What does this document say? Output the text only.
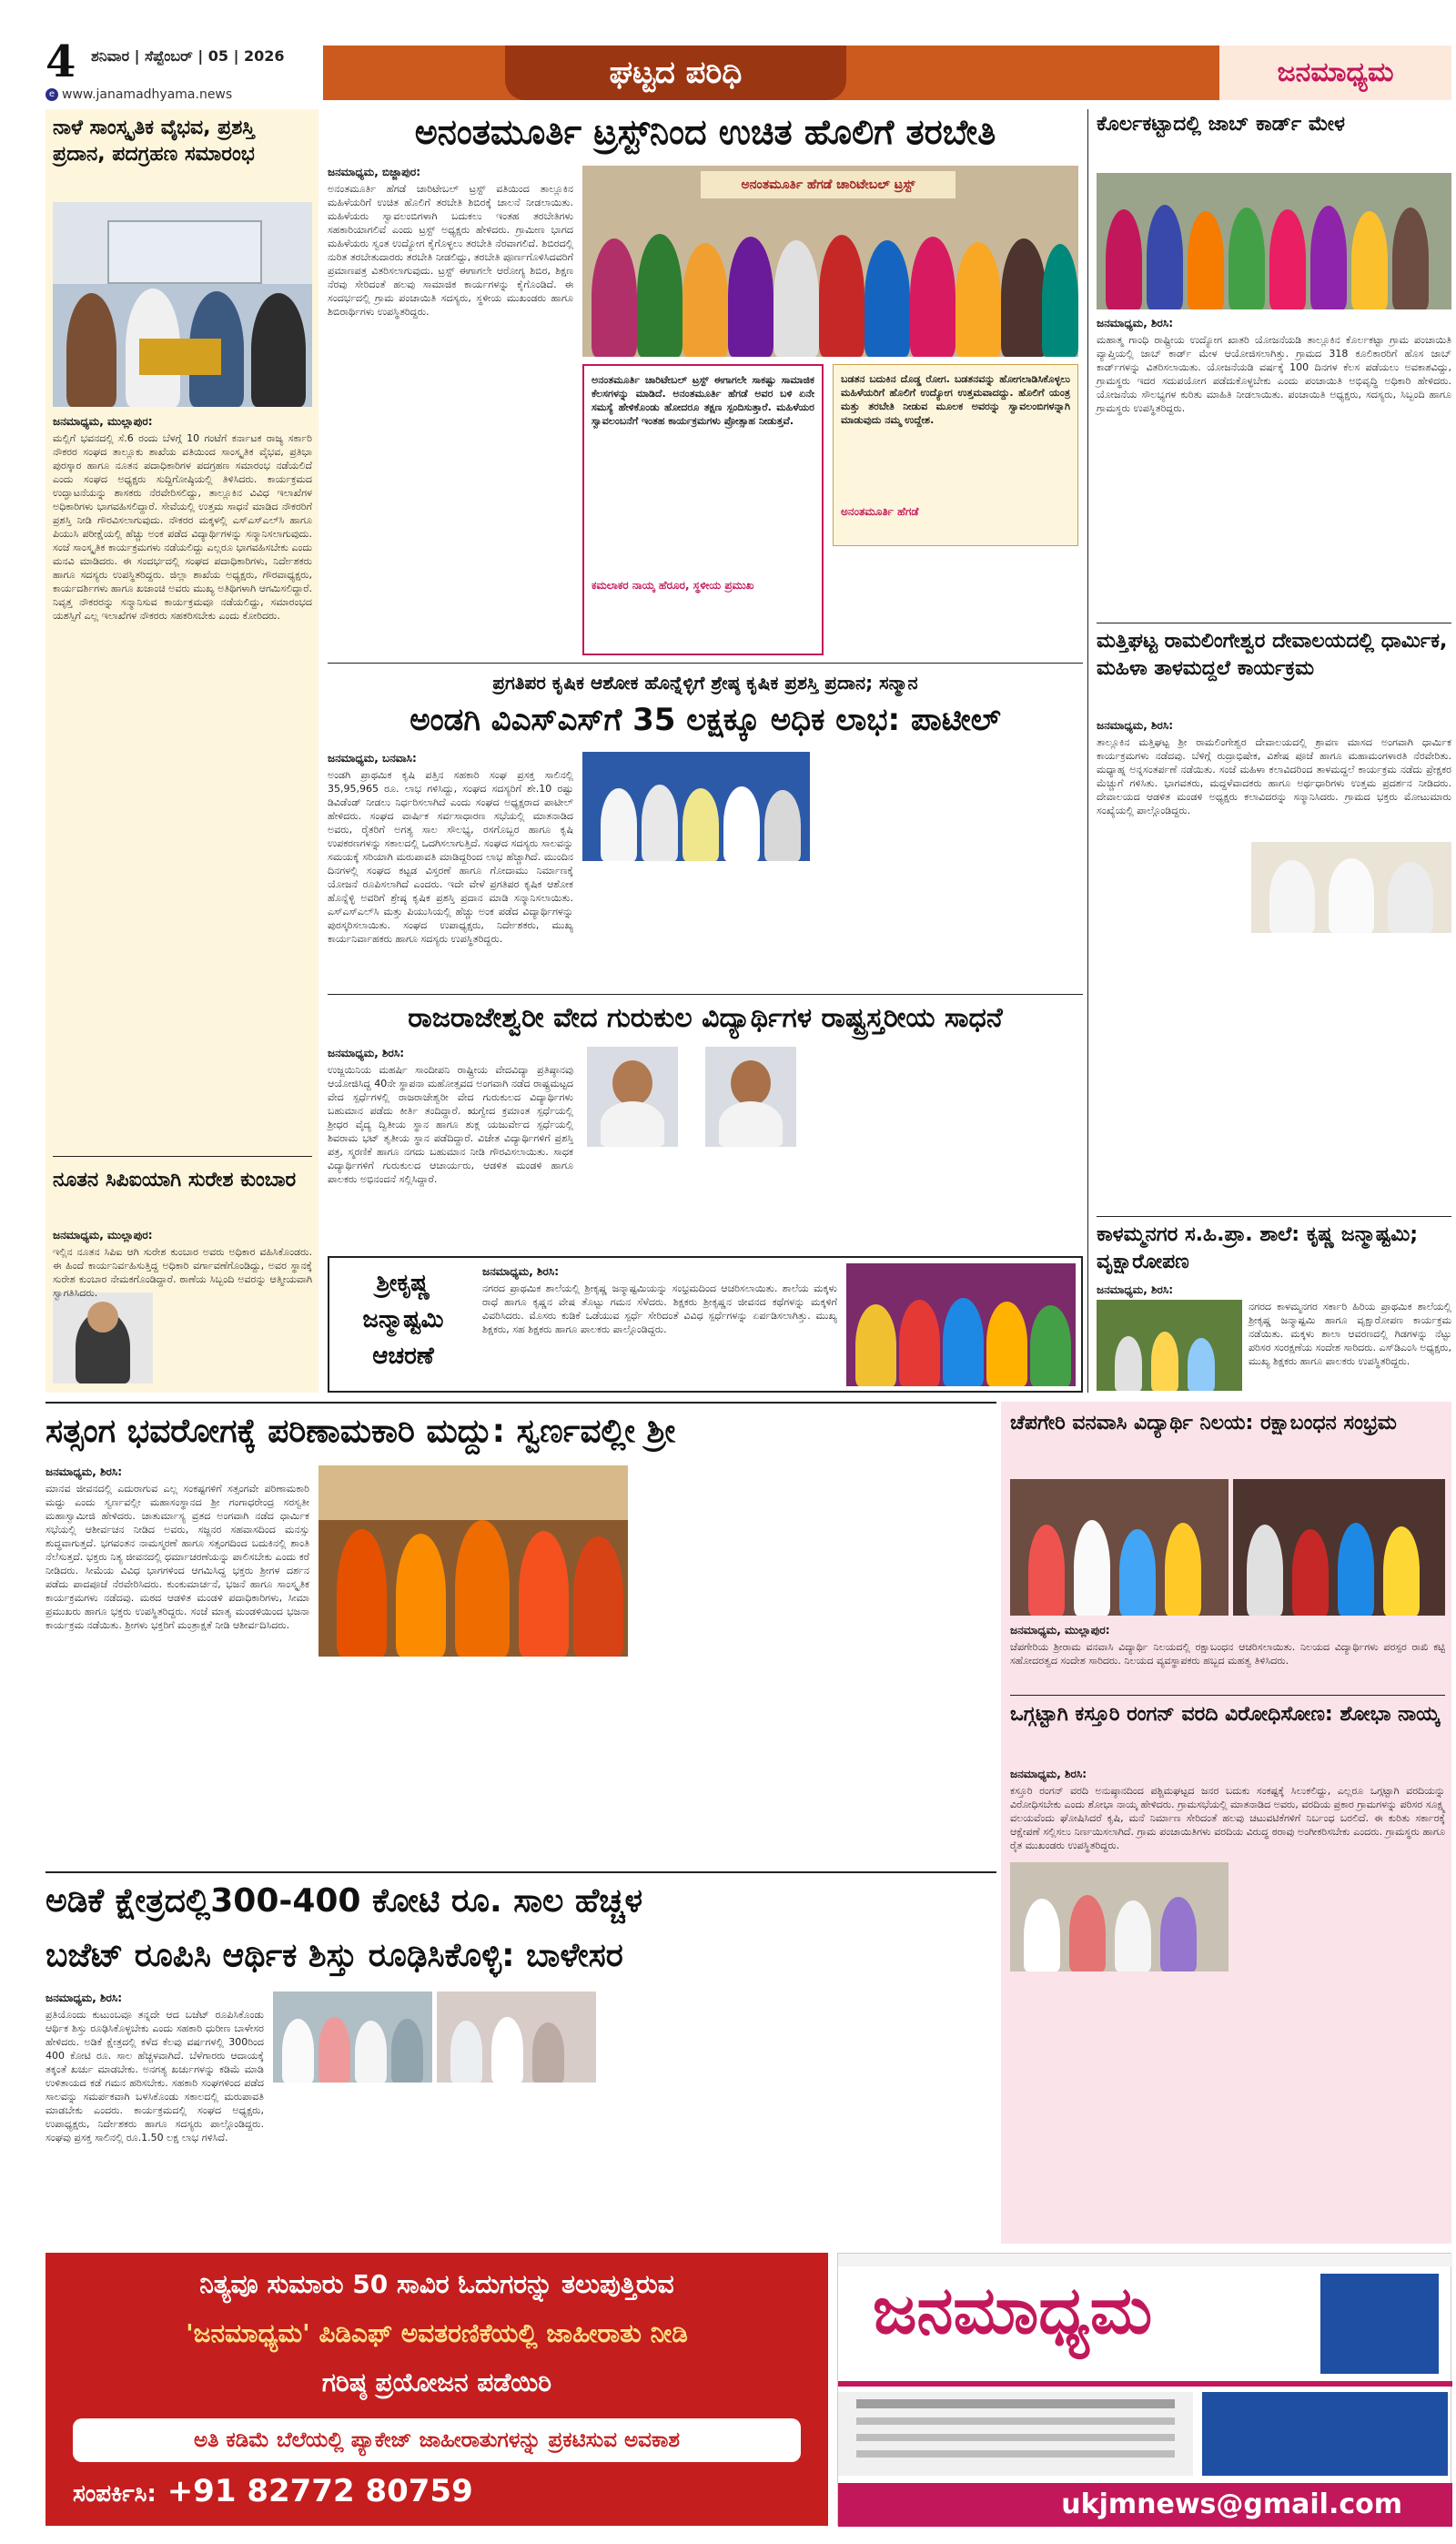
4 ಶನಿವಾರ | ಸೆಪ್ಟೆಂಬರ್ | 05 | 2026	ಘಟ್ಟದ ಪರಿಧಿ	ಜನಮಾಧ್ಯಮ
e www.janamadhyama.news
ನಾಳೆ ಸಾಂಸ್ಕೃತಿಕ ವೈಭವ, ಪ್ರಶಸ್ತಿ ಪ್ರದಾನ, ಪದಗ್ರಹಣ ಸಮಾರಂಭ
ಜನಮಾಧ್ಯಮ, ಮುಲ್ಲಾಪುರ:
ಮಲ್ಲಿಗೆ ಭವನದಲ್ಲಿ ಸೆ.6 ರಂದು ಬೆಳಗ್ಗೆ 10 ಗಂಟೆಗೆ ಕರ್ನಾಟಕ ರಾಜ್ಯ ಸರ್ಕಾರಿ ನೌಕರರ ಸಂಘದ ತಾಲ್ಲೂಕು ಶಾಖೆಯ ವತಿಯಿಂದ ಸಾಂಸ್ಕೃತಿಕ ವೈಭವ, ಪ್ರತಿಭಾ ಪುರಸ್ಕಾರ ಹಾಗೂ ನೂತನ ಪದಾಧಿಕಾರಿಗಳ ಪದಗ್ರಹಣ ಸಮಾರಂಭ ನಡೆಯಲಿದೆ ಎಂದು ಸಂಘದ ಅಧ್ಯಕ್ಷರು ಸುದ್ದಿಗೋಷ್ಠಿಯಲ್ಲಿ ತಿಳಿಸಿದರು. ಕಾರ್ಯಕ್ರಮದ ಉದ್ಘಾಟನೆಯನ್ನು ಶಾಸಕರು ನೆರವೇರಿಸಲಿದ್ದು, ತಾಲ್ಲೂಕಿನ ವಿವಿಧ ಇಲಾಖೆಗಳ ಅಧಿಕಾರಿಗಳು ಭಾಗವಹಿಸಲಿದ್ದಾರೆ. ಸೇವೆಯಲ್ಲಿ ಉತ್ತಮ ಸಾಧನೆ ಮಾಡಿದ ನೌಕರರಿಗೆ ಪ್ರಶಸ್ತಿ ನೀಡಿ ಗೌರವಿಸಲಾಗುವುದು. ನೌಕರರ ಮಕ್ಕಳಲ್ಲಿ ಎಸ್ಎಸ್ಎಲ್‌ಸಿ ಹಾಗೂ ಪಿಯುಸಿ ಪರೀಕ್ಷೆಯಲ್ಲಿ ಹೆಚ್ಚು ಅಂಕ ಪಡೆದ ವಿದ್ಯಾರ್ಥಿಗಳನ್ನು ಸನ್ಮಾನಿಸಲಾಗುವುದು. ಸಂಜೆ ಸಾಂಸ್ಕೃತಿಕ ಕಾರ್ಯಕ್ರಮಗಳು ನಡೆಯಲಿದ್ದು ಎಲ್ಲರೂ ಭಾಗವಹಿಸಬೇಕು ಎಂದು ಮನವಿ ಮಾಡಿದರು. ಈ ಸಂದರ್ಭದಲ್ಲಿ ಸಂಘದ ಪದಾಧಿಕಾರಿಗಳು, ನಿರ್ದೇಶಕರು ಹಾಗೂ ಸದಸ್ಯರು ಉಪಸ್ಥಿತರಿದ್ದರು. ಜಿಲ್ಲಾ ಶಾಖೆಯ ಅಧ್ಯಕ್ಷರು, ಗೌರವಾಧ್ಯಕ್ಷರು, ಕಾರ್ಯದರ್ಶಿಗಳು ಹಾಗೂ ಖಜಾಂಚಿ ಅವರು ಮುಖ್ಯ ಅತಿಥಿಗಳಾಗಿ ಆಗಮಿಸಲಿದ್ದಾರೆ. ನಿವೃತ್ತ ನೌಕರರನ್ನು ಸನ್ಮಾನಿಸುವ ಕಾರ್ಯಕ್ರಮವೂ ನಡೆಯಲಿದ್ದು, ಸಮಾರಂಭದ ಯಶಸ್ಸಿಗೆ ಎಲ್ಲ ಇಲಾಖೆಗಳ ನೌಕರರು ಸಹಕರಿಸಬೇಕು ಎಂದು ಕೋರಿದರು.
ನೂತನ ಸಿಪಿಐಯಾಗಿ ಸುರೇಶ ಕುಂಬಾರ
ಜನಮಾಧ್ಯಮ, ಮುಲ್ಲಾಪುರ:
ಇಲ್ಲಿನ ನೂತನ ಸಿಪಿಐ ಆಗಿ ಸುರೇಶ ಕುಂಬಾರ ಅವರು ಅಧಿಕಾರ ವಹಿಸಿಕೊಂಡರು. ಈ ಹಿಂದೆ ಕಾರ್ಯನಿರ್ವಹಿಸುತ್ತಿದ್ದ ಅಧಿಕಾರಿ ವರ್ಗಾವಣೆಗೊಂಡಿದ್ದು, ಅವರ ಸ್ಥಾನಕ್ಕೆ ಸುರೇಶ ಕುಂಬಾರ ನೇಮಕಗೊಂಡಿದ್ದಾರೆ. ಠಾಣೆಯ ಸಿಬ್ಬಂದಿ ಅವರನ್ನು ಆತ್ಮೀಯವಾಗಿ ಸ್ವಾಗತಿಸಿದರು.
ಅನಂತಮೂರ್ತಿ ಟ್ರಸ್ಟ್‌ನಿಂದ ಉಚಿತ ಹೊಲಿಗೆ ತರಬೇತಿ
ಜನಮಾಧ್ಯಮ, ಬಿಜ್ಜಾಪುರ:
ಅನಂತಮೂರ್ತಿ ಹೆಗಡೆ ಚಾರಿಟೇಬಲ್ ಟ್ರಸ್ಟ್ ವತಿಯಿಂದ ತಾಲ್ಲೂಕಿನ ಮಹಿಳೆಯರಿಗೆ ಉಚಿತ ಹೊಲಿಗೆ ತರಬೇತಿ ಶಿಬಿರಕ್ಕೆ ಚಾಲನೆ ನೀಡಲಾಯಿತು. ಮಹಿಳೆಯರು ಸ್ವಾವಲಂಬಿಗಳಾಗಿ ಬದುಕಲು ಇಂತಹ ತರಬೇತಿಗಳು ಸಹಕಾರಿಯಾಗಲಿವೆ ಎಂದು ಟ್ರಸ್ಟ್ ಅಧ್ಯಕ್ಷರು ಹೇಳಿದರು. ಗ್ರಾಮೀಣ ಭಾಗದ ಮಹಿಳೆಯರು ಸ್ವಂತ ಉದ್ಯೋಗ ಕೈಗೊಳ್ಳಲು ತರಬೇತಿ ನೆರವಾಗಲಿದೆ. ಶಿಬಿರದಲ್ಲಿ ನುರಿತ ತರಬೇತುದಾರರು ತರಬೇತಿ ನೀಡಲಿದ್ದು, ತರಬೇತಿ ಪೂರ್ಣಗೊಳಿಸಿದವರಿಗೆ ಪ್ರಮಾಣಪತ್ರ ವಿತರಿಸಲಾಗುವುದು. ಟ್ರಸ್ಟ್ ಈಗಾಗಲೇ ಆರೋಗ್ಯ ಶಿಬಿರ, ಶಿಕ್ಷಣ ನೆರವು ಸೇರಿದಂತೆ ಹಲವು ಸಾಮಾಜಿಕ ಕಾರ್ಯಗಳನ್ನು ಕೈಗೊಂಡಿದೆ. ಈ ಸಂದರ್ಭದಲ್ಲಿ ಗ್ರಾಮ ಪಂಚಾಯಿತಿ ಸದಸ್ಯರು, ಸ್ಥಳೀಯ ಮುಖಂಡರು ಹಾಗೂ ಶಿಬಿರಾರ್ಥಿಗಳು ಉಪಸ್ಥಿತರಿದ್ದರು.
ಅನಂತಮೂರ್ತಿ ಹೆಗಡೆ ಚಾರಿಟೇಬಲ್ ಟ್ರಸ್ಟ್
ಅನಂತಮೂರ್ತಿ ಚಾರಿಟೇಬಲ್ ಟ್ರಸ್ಟ್ ಈಗಾಗಲೇ ಸಾಕಷ್ಟು ಸಾಮಾಜಿಕ ಕೆಲಸಗಳನ್ನು ಮಾಡಿದೆ. ಅನಂತಮೂರ್ತಿ ಹೆಗಡೆ ಅವರ ಬಳಿ ಏನೇ ಸಮಸ್ಯೆ ಹೇಳಿಕೊಂಡು ಹೋದರೂ ತಕ್ಷಣ ಸ್ಪಂದಿಸುತ್ತಾರೆ. ಮಹಿಳೆಯರ ಸ್ವಾವಲಂಬನೆಗೆ ಇಂತಹ ಕಾರ್ಯಕ್ರಮಗಳು ಪ್ರೋತ್ಸಾಹ ನೀಡುತ್ತವೆ.
ಕಮಲಾಕರ ನಾಯ್ಕ ಹೆರೂರ, ಸ್ಥಳೀಯ ಪ್ರಮುಖ
ಬಡತನ ಬದುಕಿನ ದೊಡ್ಡ ರೋಗ. ಬಡತನವನ್ನು ಹೋಗಲಾಡಿಸಿಕೊಳ್ಳಲು ಮಹಿಳೆಯರಿಗೆ ಹೊಲಿಗೆ ಉದ್ಯೋಗ ಉತ್ತಮವಾದದ್ದು. ಹೊಲಿಗೆ ಯಂತ್ರ ಮತ್ತು ತರಬೇತಿ ನೀಡುವ ಮೂಲಕ ಅವರನ್ನು ಸ್ವಾವಲಂಬಿಗಳನ್ನಾಗಿ ಮಾಡುವುದು ನಮ್ಮ ಉದ್ದೇಶ.
ಅನಂತಮೂರ್ತಿ ಹೆಗಡೆ
ಪ್ರಗತಿಪರ ಕೃಷಿಕ ಆಶೋಕ ಹೊನ್ನೆಳ್ಳಿಗೆ ಶ್ರೇಷ್ಠ ಕೃಷಿಕ ಪ್ರಶಸ್ತಿ ಪ್ರದಾನ; ಸನ್ಮಾನ
ಅಂಡಗಿ ವಿಎಸ್‌ಎಸ್‌ಗೆ 35 ಲಕ್ಷಕ್ಕೂ ಅಧಿಕ ಲಾಭ: ಪಾಟೀಲ್
ಜನಮಾಧ್ಯಮ, ಬನವಾಸಿ:
ಅಂಡಗಿ ಪ್ರಾಥಮಿಕ ಕೃಷಿ ಪತ್ತಿನ ಸಹಕಾರಿ ಸಂಘ ಪ್ರಸಕ್ತ ಸಾಲಿನಲ್ಲಿ 35,95,965 ರೂ. ಲಾಭ ಗಳಿಸಿದ್ದು, ಸಂಘದ ಸದಸ್ಯರಿಗೆ ಶೇ.10 ರಷ್ಟು ಡಿವಿಡೆಂಡ್ ನೀಡಲು ನಿರ್ಧರಿಸಲಾಗಿದೆ ಎಂದು ಸಂಘದ ಅಧ್ಯಕ್ಷರಾದ ಪಾಟೀಲ್ ಹೇಳಿದರು. ಸಂಘದ ವಾರ್ಷಿಕ ಸರ್ವಸಾಧಾರಣ ಸಭೆಯಲ್ಲಿ ಮಾತನಾಡಿದ ಅವರು, ರೈತರಿಗೆ ಅಗತ್ಯ ಸಾಲ ಸೌಲಭ್ಯ, ರಸಗೊಬ್ಬರ ಹಾಗೂ ಕೃಷಿ ಉಪಕರಣಗಳನ್ನು ಸಕಾಲದಲ್ಲಿ ಒದಗಿಸಲಾಗುತ್ತಿದೆ. ಸಂಘದ ಸದಸ್ಯರು ಸಾಲವನ್ನು ಸಮಯಕ್ಕೆ ಸರಿಯಾಗಿ ಮರುಪಾವತಿ ಮಾಡಿದ್ದರಿಂದ ಲಾಭ ಹೆಚ್ಚಾಗಿದೆ. ಮುಂದಿನ ದಿನಗಳಲ್ಲಿ ಸಂಘದ ಕಟ್ಟಡ ವಿಸ್ತರಣೆ ಹಾಗೂ ಗೋದಾಮು ನಿರ್ಮಾಣಕ್ಕೆ ಯೋಜನೆ ರೂಪಿಸಲಾಗಿದೆ ಎಂದರು. ಇದೇ ವೇಳೆ ಪ್ರಗತಿಪರ ಕೃಷಿಕ ಆಶೋಕ ಹೊನ್ನೆಳ್ಳಿ ಅವರಿಗೆ ಶ್ರೇಷ್ಠ ಕೃಷಿಕ ಪ್ರಶಸ್ತಿ ಪ್ರದಾನ ಮಾಡಿ ಸನ್ಮಾನಿಸಲಾಯಿತು. ಎಸ್ಎಸ್ಎಲ್‌ಸಿ ಮತ್ತು ಪಿಯುಸಿಯಲ್ಲಿ ಹೆಚ್ಚು ಅಂಕ ಪಡೆದ ವಿದ್ಯಾರ್ಥಿಗಳನ್ನು ಪುರಸ್ಕರಿಸಲಾಯಿತು. ಸಂಘದ ಉಪಾಧ್ಯಕ್ಷರು, ನಿರ್ದೇಶಕರು, ಮುಖ್ಯ ಕಾರ್ಯನಿರ್ವಾಹಕರು ಹಾಗೂ ಸದಸ್ಯರು ಉಪಸ್ಥಿತರಿದ್ದರು.
ರಾಜರಾಜೇಶ್ವರೀ ವೇದ ಗುರುಕುಲ ವಿದ್ಯಾರ್ಥಿಗಳ ರಾಷ್ಟ್ರಸ್ತರೀಯ ಸಾಧನೆ
ಜನಮಾಧ್ಯಮ, ಶಿರಸಿ:
ಉಜ್ಜಯಿನಿಯ ಮಹರ್ಷಿ ಸಾಂದೀಪನಿ ರಾಷ್ಟ್ರೀಯ ವೇದವಿದ್ಯಾ ಪ್ರತಿಷ್ಠಾನವು ಆಯೋಜಿಸಿದ್ದ 40ನೇ ಸ್ಥಾಪನಾ ಮಹೋತ್ಸವದ ಅಂಗವಾಗಿ ನಡೆದ ರಾಷ್ಟ್ರಮಟ್ಟದ ವೇದ ಸ್ಪರ್ಧೆಗಳಲ್ಲಿ ರಾಜರಾಜೇಶ್ವರೀ ವೇದ ಗುರುಕುಲದ ವಿದ್ಯಾರ್ಥಿಗಳು ಬಹುಮಾನ ಪಡೆದು ಕೀರ್ತಿ ತಂದಿದ್ದಾರೆ. ಋಗ್ವೇದ ಕ್ರಮಾಂತ ಸ್ಪರ್ಧೆಯಲ್ಲಿ ಶ್ರೀಧರ ವೈದ್ಯ ದ್ವಿತೀಯ ಸ್ಥಾನ ಹಾಗೂ ಶುಕ್ಲ ಯಜುರ್ವೇದ ಸ್ಪರ್ಧೆಯಲ್ಲಿ ಶಿವರಾಮ ಭಟ್ ತೃತೀಯ ಸ್ಥಾನ ಪಡೆದಿದ್ದಾರೆ. ವಿಜೇತ ವಿದ್ಯಾರ್ಥಿಗಳಿಗೆ ಪ್ರಶಸ್ತಿ ಪತ್ರ, ಸ್ಮರಣಿಕೆ ಹಾಗೂ ನಗದು ಬಹುಮಾನ ನೀಡಿ ಗೌರವಿಸಲಾಯಿತು. ಸಾಧಕ ವಿದ್ಯಾರ್ಥಿಗಳಿಗೆ ಗುರುಕುಲದ ಆಚಾರ್ಯರು, ಆಡಳಿತ ಮಂಡಳಿ ಹಾಗೂ ಪಾಲಕರು ಅಭಿನಂದನೆ ಸಲ್ಲಿಸಿದ್ದಾರೆ.
ಶ್ರೀಕೃಷ್ಣ ಜನ್ಮಾಷ್ಟಮಿ ಆಚರಣೆ
ಜನಮಾಧ್ಯಮ, ಶಿರಸಿ:
ನಗರದ ಪ್ರಾಥಮಿಕ ಶಾಲೆಯಲ್ಲಿ ಶ್ರೀಕೃಷ್ಣ ಜನ್ಮಾಷ್ಟಮಿಯನ್ನು ಸಂಭ್ರಮದಿಂದ ಆಚರಿಸಲಾಯಿತು. ಶಾಲೆಯ ಮಕ್ಕಳು ರಾಧೆ ಹಾಗೂ ಕೃಷ್ಣನ ವೇಷ ತೊಟ್ಟು ಗಮನ ಸೆಳೆದರು. ಶಿಕ್ಷಕರು ಶ್ರೀಕೃಷ್ಣನ ಜೀವನದ ಕಥೆಗಳನ್ನು ಮಕ್ಕಳಿಗೆ ವಿವರಿಸಿದರು. ಮೊಸರು ಕುಡಿಕೆ ಒಡೆಯುವ ಸ್ಪರ್ಧೆ ಸೇರಿದಂತೆ ವಿವಿಧ ಸ್ಪರ್ಧೆಗಳನ್ನು ಏರ್ಪಡಿಸಲಾಗಿತ್ತು. ಮುಖ್ಯ ಶಿಕ್ಷಕರು, ಸಹ ಶಿಕ್ಷಕರು ಹಾಗೂ ಪಾಲಕರು ಪಾಲ್ಗೊಂಡಿದ್ದರು.
ಕೊರ್ಲಕಟ್ಟಾದಲ್ಲಿ ಜಾಬ್ ಕಾರ್ಡ್ ಮೇಳ
ಜನಮಾಧ್ಯಮ, ಶಿರಸಿ:
ಮಹಾತ್ಮ ಗಾಂಧಿ ರಾಷ್ಟ್ರೀಯ ಉದ್ಯೋಗ ಖಾತರಿ ಯೋಜನೆಯಡಿ ತಾಲ್ಲೂಕಿನ ಕೊರ್ಲಕಟ್ಟಾ ಗ್ರಾಮ ಪಂಚಾಯಿತಿ ವ್ಯಾಪ್ತಿಯಲ್ಲಿ ಜಾಬ್ ಕಾರ್ಡ್ ಮೇಳ ಆಯೋಜಿಸಲಾಗಿತ್ತು. ಗ್ರಾಮದ 318 ಕೂಲಿಕಾರರಿಗೆ ಹೊಸ ಜಾಬ್ ಕಾರ್ಡ್‌ಗಳನ್ನು ವಿತರಿಸಲಾಯಿತು. ಯೋಜನೆಯಡಿ ವರ್ಷಕ್ಕೆ 100 ದಿನಗಳ ಕೆಲಸ ಪಡೆಯಲು ಅವಕಾಶವಿದ್ದು, ಗ್ರಾಮಸ್ಥರು ಇದರ ಸದುಪಯೋಗ ಪಡೆದುಕೊಳ್ಳಬೇಕು ಎಂದು ಪಂಚಾಯಿತಿ ಅಭಿವೃದ್ಧಿ ಅಧಿಕಾರಿ ಹೇಳಿದರು. ಯೋಜನೆಯ ಸೌಲಭ್ಯಗಳ ಕುರಿತು ಮಾಹಿತಿ ನೀಡಲಾಯಿತು. ಪಂಚಾಯಿತಿ ಅಧ್ಯಕ್ಷರು, ಸದಸ್ಯರು, ಸಿಬ್ಬಂದಿ ಹಾಗೂ ಗ್ರಾಮಸ್ಥರು ಉಪಸ್ಥಿತರಿದ್ದರು.
ಮತ್ತಿಘಟ್ಟ ರಾಮಲಿಂಗೇಶ್ವರ ದೇವಾಲಯದಲ್ಲಿ ಧಾರ್ಮಿಕ, ಮಹಿಳಾ ತಾಳಮದ್ದಲೆ ಕಾರ್ಯಕ್ರಮ
ಜನಮಾಧ್ಯಮ, ಶಿರಸಿ:
ತಾಲ್ಲೂಕಿನ ಮತ್ತಿಘಟ್ಟ ಶ್ರೀ ರಾಮಲಿಂಗೇಶ್ವರ ದೇವಾಲಯದಲ್ಲಿ ಶ್ರಾವಣ ಮಾಸದ ಅಂಗವಾಗಿ ಧಾರ್ಮಿಕ ಕಾರ್ಯಕ್ರಮಗಳು ನಡೆದವು. ಬೆಳಿಗ್ಗೆ ರುದ್ರಾಭಿಷೇಕ, ವಿಶೇಷ ಪೂಜೆ ಹಾಗೂ ಮಹಾಮಂಗಳಾರತಿ ನೆರವೇರಿತು. ಮಧ್ಯಾಹ್ನ ಅನ್ನಸಂತರ್ಪಣೆ ನಡೆಯಿತು. ಸಂಜೆ ಮಹಿಳಾ ಕಲಾವಿದರಿಂದ ತಾಳಮದ್ದಲೆ ಕಾರ್ಯಕ್ರಮ ನಡೆದು ಪ್ರೇಕ್ಷಕರ ಮೆಚ್ಚುಗೆ ಗಳಿಸಿತು. ಭಾಗವತರು, ಮದ್ದಳೆವಾದಕರು ಹಾಗೂ ಅರ್ಥಧಾರಿಗಳು ಉತ್ತಮ ಪ್ರದರ್ಶನ ನೀಡಿದರು. ದೇವಾಲಯದ ಆಡಳಿತ ಮಂಡಳಿ ಅಧ್ಯಕ್ಷರು ಕಲಾವಿದರನ್ನು ಸನ್ಮಾನಿಸಿದರು. ಗ್ರಾಮದ ಭಕ್ತರು ಮೋಟುಮಾರು ಸಂಖ್ಯೆಯಲ್ಲಿ ಪಾಲ್ಗೊಂಡಿದ್ದರು.
ಕಾಳಮ್ಮನಗರ ಸ.ಹಿ.ಪ್ರಾ. ಶಾಲೆ: ಕೃಷ್ಣ ಜನ್ಮಾಷ್ಟಮಿ; ವೃಕ್ಷಾರೋಪಣ
ಜನಮಾಧ್ಯಮ, ಶಿರಸಿ:
ನಗರದ ಕಾಳಮ್ಮನಗರ ಸರ್ಕಾರಿ ಹಿರಿಯ ಪ್ರಾಥಮಿಕ ಶಾಲೆಯಲ್ಲಿ ಶ್ರೀಕೃಷ್ಣ ಜನ್ಮಾಷ್ಟಮಿ ಹಾಗೂ ವೃಕ್ಷಾರೋಪಣ ಕಾರ್ಯಕ್ರಮ ನಡೆಯಿತು. ಮಕ್ಕಳು ಶಾಲಾ ಆವರಣದಲ್ಲಿ ಗಿಡಗಳನ್ನು ನೆಟ್ಟು ಪರಿಸರ ಸಂರಕ್ಷಣೆಯ ಸಂದೇಶ ಸಾರಿದರು. ಎಸ್‌ಡಿಎಂಸಿ ಅಧ್ಯಕ್ಷರು, ಮುಖ್ಯ ಶಿಕ್ಷಕರು ಹಾಗೂ ಪಾಲಕರು ಉಪಸ್ಥಿತರಿದ್ದರು.
ಸತ್ಸಂಗ ಭವರೋಗಕ್ಕೆ ಪರಿಣಾಮಕಾರಿ ಮದ್ದು: ಸ್ವರ್ಣವಲ್ಲೀ ಶ್ರೀ
ಜನಮಾಧ್ಯಮ, ಶಿರಸಿ:
ಮಾನವ ಜೀವನದಲ್ಲಿ ಎದುರಾಗುವ ಎಲ್ಲ ಸಂಕಷ್ಟಗಳಿಗೆ ಸತ್ಸಂಗವೇ ಪರಿಣಾಮಕಾರಿ ಮದ್ದು ಎಂದು ಸ್ವರ್ಣವಲ್ಲೀ ಮಹಾಸಂಸ್ಥಾನದ ಶ್ರೀ ಗಂಗಾಧರೇಂದ್ರ ಸರಸ್ವತೀ ಮಹಾಸ್ವಾಮೀಜಿ ಹೇಳಿದರು. ಚಾತುರ್ಮಾಸ್ಯ ವ್ರತದ ಅಂಗವಾಗಿ ನಡೆದ ಧಾರ್ಮಿಕ ಸಭೆಯಲ್ಲಿ ಆಶೀರ್ವಚನ ನೀಡಿದ ಅವರು, ಸಜ್ಜನರ ಸಹವಾಸದಿಂದ ಮನಸ್ಸು ಶುದ್ಧವಾಗುತ್ತದೆ. ಭಗವಂತನ ನಾಮಸ್ಮರಣೆ ಹಾಗೂ ಸತ್ಸಂಗದಿಂದ ಬದುಕಿನಲ್ಲಿ ಶಾಂತಿ ನೆಲೆಸುತ್ತದೆ. ಭಕ್ತರು ನಿತ್ಯ ಜೀವನದಲ್ಲಿ ಧರ್ಮಾಚರಣೆಯನ್ನು ಪಾಲಿಸಬೇಕು ಎಂದು ಕರೆ ನೀಡಿದರು. ಸೀಮೆಯ ವಿವಿಧ ಭಾಗಗಳಿಂದ ಆಗಮಿಸಿದ್ದ ಭಕ್ತರು ಶ್ರೀಗಳ ದರ್ಶನ ಪಡೆದು ಪಾದಪೂಜೆ ನೆರವೇರಿಸಿದರು. ಕುಂಕುಮಾರ್ಚನೆ, ಭಜನೆ ಹಾಗೂ ಸಾಂಸ್ಕೃತಿಕ ಕಾರ್ಯಕ್ರಮಗಳು ನಡೆದವು. ಮಠದ ಆಡಳಿತ ಮಂಡಳಿ ಪದಾಧಿಕಾರಿಗಳು, ಸೀಮಾ ಪ್ರಮುಖರು ಹಾಗೂ ಭಕ್ತರು ಉಪಸ್ಥಿತರಿದ್ದರು. ಸಂಜೆ ಮಾತೃ ಮಂಡಳಿಯಿಂದ ಭಜನಾ ಕಾರ್ಯಕ್ರಮ ನಡೆಯಿತು. ಶ್ರೀಗಳು ಭಕ್ತರಿಗೆ ಮಂತ್ರಾಕ್ಷತೆ ನೀಡಿ ಆಶೀರ್ವದಿಸಿದರು.
ಚೆಪಗೇರಿ ವನವಾಸಿ ವಿದ್ಯಾರ್ಥಿ ನಿಲಯ: ರಕ್ಷಾಬಂಧನ ಸಂಭ್ರಮ
ಜನಮಾಧ್ಯಮ, ಮುಲ್ಲಾಪುರ:
ಚೆಪಗೇರಿಯ ಶ್ರೀರಾಮ ವನವಾಸಿ ವಿದ್ಯಾರ್ಥಿ ನಿಲಯದಲ್ಲಿ ರಕ್ಷಾಬಂಧನ ಆಚರಿಸಲಾಯಿತು. ನಿಲಯದ ವಿದ್ಯಾರ್ಥಿಗಳು ಪರಸ್ಪರ ರಾಖಿ ಕಟ್ಟಿ ಸಹೋದರತ್ವದ ಸಂದೇಶ ಸಾರಿದರು. ನಿಲಯದ ವ್ಯವಸ್ಥಾಪಕರು ಹಬ್ಬದ ಮಹತ್ವ ತಿಳಿಸಿದರು.
ಒಗ್ಗಟ್ಟಾಗಿ ಕಸ್ತೂರಿ ರಂಗನ್ ವರದಿ ವಿರೋಧಿಸೋಣ: ಶೋಭಾ ನಾಯ್ಕ
ಜನಮಾಧ್ಯಮ, ಶಿರಸಿ:
ಕಸ್ತೂರಿ ರಂಗನ್ ವರದಿ ಅನುಷ್ಠಾನದಿಂದ ಪಶ್ಚಿಮಘಟ್ಟದ ಜನರ ಬದುಕು ಸಂಕಷ್ಟಕ್ಕೆ ಸಿಲುಕಲಿದ್ದು, ಎಲ್ಲರೂ ಒಗ್ಗಟ್ಟಾಗಿ ವರದಿಯನ್ನು ವಿರೋಧಿಸಬೇಕು ಎಂದು ಶೋಭಾ ನಾಯ್ಕ ಹೇಳಿದರು. ಗ್ರಾಮಸಭೆಯಲ್ಲಿ ಮಾತನಾಡಿದ ಅವರು, ವರದಿಯ ಪ್ರಕಾರ ಗ್ರಾಮಗಳನ್ನು ಪರಿಸರ ಸೂಕ್ಷ್ಮ ವಲಯವೆಂದು ಘೋಷಿಸಿದರೆ ಕೃಷಿ, ಮನೆ ನಿರ್ಮಾಣ ಸೇರಿದಂತೆ ಹಲವು ಚಟುವಟಿಕೆಗಳಿಗೆ ನಿರ್ಬಂಧ ಬರಲಿದೆ. ಈ ಕುರಿತು ಸರ್ಕಾರಕ್ಕೆ ಆಕ್ಷೇಪಣೆ ಸಲ್ಲಿಸಲು ನಿರ್ಣಯಿಸಲಾಗಿದೆ. ಗ್ರಾಮ ಪಂಚಾಯಿತಿಗಳು ವರದಿಯ ವಿರುದ್ಧ ಠರಾವು ಅಂಗೀಕರಿಸಬೇಕು ಎಂದರು. ಗ್ರಾಮಸ್ಥರು ಹಾಗೂ ರೈತ ಮುಖಂಡರು ಉಪಸ್ಥಿತರಿದ್ದರು.
ಅಡಿಕೆ ಕ್ಷೇತ್ರದಲ್ಲಿ300-400 ಕೋಟಿ ರೂ. ಸಾಲ ಹೆಚ್ಚಳ
ಬಜೆಟ್ ರೂಪಿಸಿ ಆರ್ಥಿಕ ಶಿಸ್ತು ರೂಢಿಸಿಕೊಳ್ಳಿ: ಬಾಳೇಸರ
ಜನಮಾಧ್ಯಮ, ಶಿರಸಿ:
ಪ್ರತಿಯೊಂದು ಕುಟುಂಬವೂ ತನ್ನದೇ ಆದ ಬಜೆಟ್ ರೂಪಿಸಿಕೊಂಡು ಆರ್ಥಿಕ ಶಿಸ್ತು ರೂಢಿಸಿಕೊಳ್ಳಬೇಕು ಎಂದು ಸಹಕಾರಿ ಧುರೀಣ ಬಾಳೇಸರ ಹೇಳಿದರು. ಅಡಿಕೆ ಕ್ಷೇತ್ರದಲ್ಲಿ ಕಳೆದ ಕೆಲವು ವರ್ಷಗಳಲ್ಲಿ 300ರಿಂದ 400 ಕೋಟಿ ರೂ. ಸಾಲ ಹೆಚ್ಚಳವಾಗಿದೆ. ಬೆಳೆಗಾರರು ಆದಾಯಕ್ಕೆ ತಕ್ಕಂತೆ ಖರ್ಚು ಮಾಡಬೇಕು. ಅನಗತ್ಯ ಖರ್ಚುಗಳನ್ನು ಕಡಿಮೆ ಮಾಡಿ ಉಳಿತಾಯದ ಕಡೆ ಗಮನ ಹರಿಸಬೇಕು. ಸಹಕಾರಿ ಸಂಘಗಳಿಂದ ಪಡೆದ ಸಾಲವನ್ನು ಸಮರ್ಪಕವಾಗಿ ಬಳಸಿಕೊಂಡು ಸಕಾಲದಲ್ಲಿ ಮರುಪಾವತಿ ಮಾಡಬೇಕು ಎಂದರು. ಕಾರ್ಯಕ್ರಮದಲ್ಲಿ ಸಂಘದ ಅಧ್ಯಕ್ಷರು, ಉಪಾಧ್ಯಕ್ಷರು, ನಿರ್ದೇಶಕರು ಹಾಗೂ ಸದಸ್ಯರು ಪಾಲ್ಗೊಂಡಿದ್ದರು. ಸಂಘವು ಪ್ರಸಕ್ತ ಸಾಲಿನಲ್ಲಿ ರೂ.1.50 ಲಕ್ಷ ಲಾಭ ಗಳಿಸಿದೆ.
ನಿತ್ಯವೂ ಸುಮಾರು 50 ಸಾವಿರ ಓದುಗರನ್ನು ತಲುಪುತ್ತಿರುವ
'ಜನಮಾಧ್ಯಮ' ಪಿಡಿಎಫ್ ಅವತರಣಿಕೆಯಲ್ಲಿ ಜಾಹೀರಾತು ನೀಡಿ
ಗರಿಷ್ಠ ಪ್ರಯೋಜನ ಪಡೆಯಿರಿ
ಅತಿ ಕಡಿಮೆ ಬೆಲೆಯಲ್ಲಿ ಪ್ಯಾಕೇಜ್ ಜಾಹೀರಾತುಗಳನ್ನು ಪ್ರಕಟಿಸುವ ಅವಕಾಶ
ಸಂಪರ್ಕಿಸಿ: +91 82772 80759
ಜನಮಾಧ್ಯಮ
ukjmnews@gmail.com
